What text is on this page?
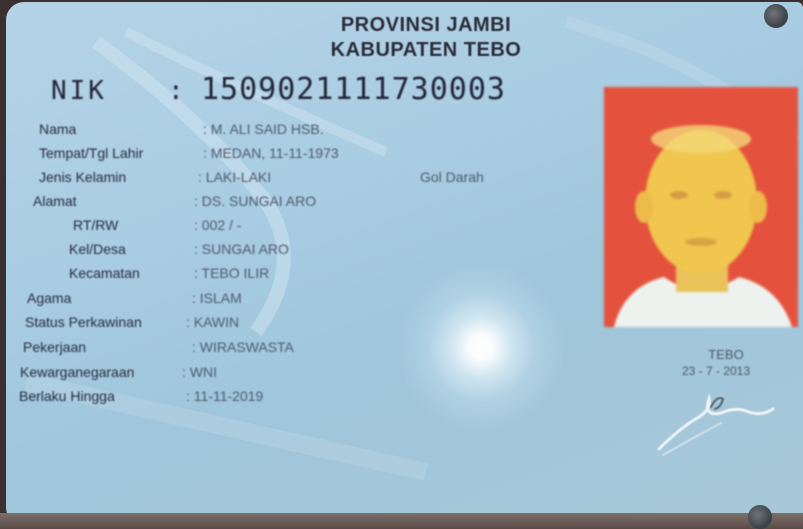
PROVINSI JAMBI
KABUPATEN TEBO
NIK : 1509021111730003
Nama	: M. ALI SAID HSB.
Tempat/Tgl Lahir	: MEDAN, 11-11-1973
Jenis Kelamin	: LAKI-LAKI	Gol Darah
Alamat	: DS. SUNGAI ARO
RT/RW	: 002 / -
Kel/Desa	: SUNGAI ARO
Kecamatan	: TEBO ILIR
Agama	: ISLAM
Status Perkawinan	: KAWIN
Pekerjaan	: WIRASWASTA
Kewarganegaraan	: WNI
Berlaku Hingga	: 11-11-2019
TEBO
23 - 7 - 2013
